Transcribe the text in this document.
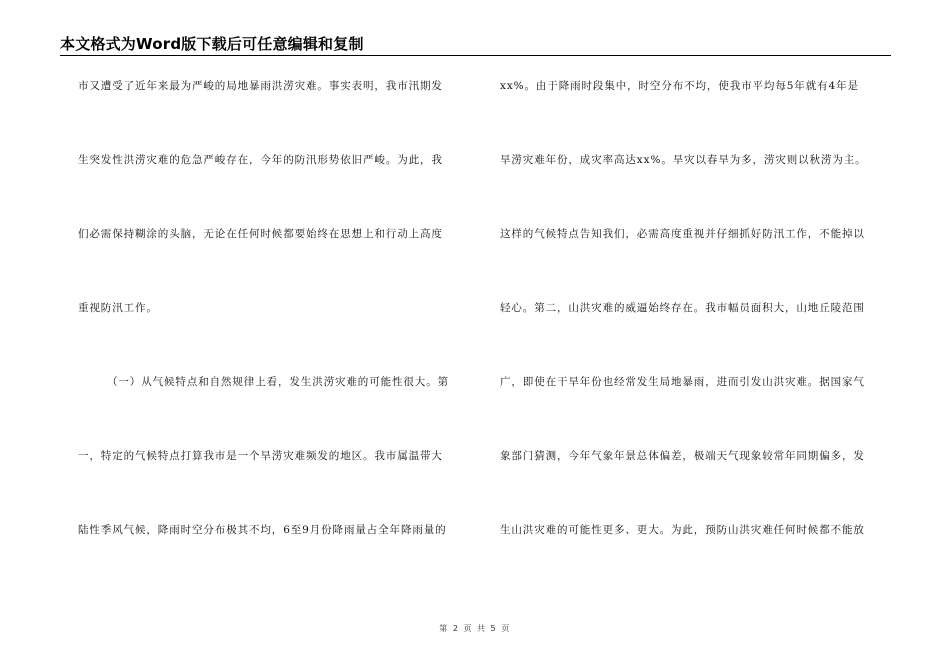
本文格式为Word版下载后可任意编辑和复制
市又遭受了近年来最为严峻的局地暴雨洪涝灾难。事实表明，我市汛期发
生突发性洪涝灾难的危急严峻存在，今年的防汛形势依旧严峻。为此，我
们必需保持糊涂的头脑，无论在任何时候都要始终在思想上和行动上高度
重视防汛工作。
（一）从气候特点和自然规律上看，发生洪涝灾难的可能性很大。第
一，特定的气候特点打算我市是一个旱涝灾难频发的地区。我市属温带大
陆性季风气候，降雨时空分布极其不均，6至9月份降雨量占全年降雨量的
xx%。由于降雨时段集中，时空分布不均，使我市平均每5年就有4年是
旱涝灾难年份，成灾率高达xx%。旱灾以春旱为多，涝灾则以秋涝为主。
这样的气候特点告知我们，必需高度重视并仔细抓好防汛工作，不能掉以
轻心。第二，山洪灾难的威逼始终存在。我市幅员面积大，山地丘陵范围
广，即使在干旱年份也经常发生局地暴雨，进而引发山洪灾难。据国家气
象部门猜测，今年气象年景总体偏差，极端天气现象较常年同期偏多，发
生山洪灾难的可能性更多、更大。为此，预防山洪灾难任何时候都不能放
第 2 页 共 5 页
